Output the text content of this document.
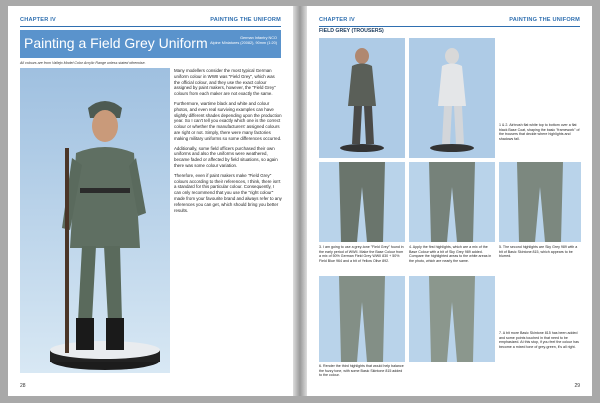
CHAPTER IV	PAINTING THE UNIFORM
Painting a Field Grey Uniform	German Infantry NCO
Alpine Miniatures (20082), 90mm (1:20)
All colours are from Vallejo Model Color Acrylic Range unless stated otherwise.

Many modellers consider the most typical German uniform colour in WWII was "Field Grey", which was the official colour, and they use the exact colour assigned by paint makers, however, the "Field Grey" colours from each maker are not exactly the same.

Furthermore, wartime black and white and colour photos, and even real surviving examples can have slightly different shades depending upon the production year. So I can't tell you exactly which one is the correct colour or whether the manufacturers' assigned colours are right or not. Simply, there were many factories making military uniforms so some differences occurred.

Additionally, some field officers purchased their own uniforms and also the uniforms were weathered, became faded or affected by field situations, so again there was some colour variation.

Therefore, even if paint makers make "Field Grey" colours according to their references, I think, there isn't a standard for this particular colour. Consequently, I can only recommend that you use the "right colour" made from your favourite brand and always refer to any references you can get, which should bring you better results.

28
CHAPTER IV	PAINTING THE UNIFORM
FIELD GREY (TROUSERS)
1 & 2. Airbrush flat white top to bottom over a flat black Base Coat, shaping the basic "framework" of the trousers that decide where highlights and shadows fall.
3. I am going to use a grey-tone "Field Grey" found in the early period of WWII. Make the Base Colour from a mix of 50% German Field Grey WWII 830 + 50% Field Blue 964 and a bit of Yellow Olive 892.
4. Apply the first highlights, which are a mix of the Base Colour with a bit of Sky Grey 989 added. Compare the highlighted areas to the white areas in the photo, which are nearly the same.
5. The second highlights are Sky Grey 989 with a bit of Basic Skintone 815, which appears to be blurred.
6. Render the third highlights that would help balance the fuzzy tone, with some Basic Skintone 815 added to the colour.
7. A bit more Basic Skintone 815 has been added and some points touched in that need to be emphasized. At this stop, if you feel the colour has become a mixed tone of grey-green, it's all right.
29
